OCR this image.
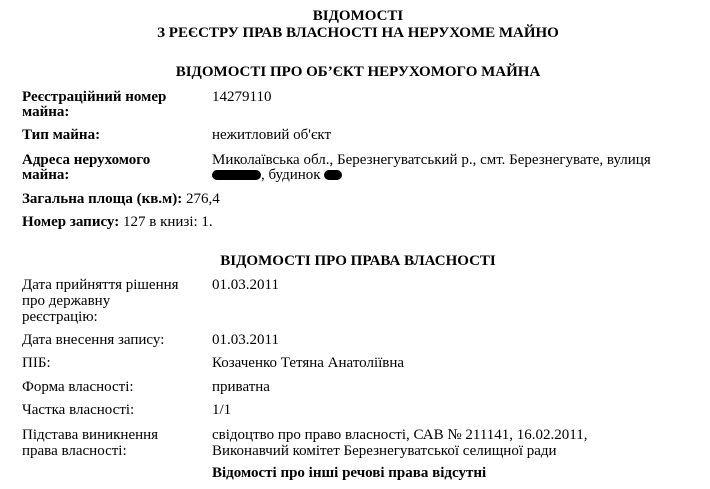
ВІДОМОСТІ
З РЕЄСТРУ ПРАВ ВЛАСНОСТІ НА НЕРУХОМЕ МАЙНО
ВІДОМОСТІ ПРО ОБ’ЄКТ НЕРУХОМОГО МАЙНА
Реєстраційний номер
майна:
14279110
Тип майна:	нежитловий об'єкт
Адреса нерухомого
майна:
Миколаївська обл., Березнегуватський р., смт. Березнегувате, вулиця
, будинок
Загальна площа (кв.м): 276,4
Номер запису: 127 в книзі: 1.
ВІДОМОСТІ ПРО ПРАВА ВЛАСНОСТІ
Дата прийняття рішення
про державну
реєстрацію:
01.03.2011
Дата внесення запису:	01.03.2011
ПІБ:	Козаченко Тетяна Анатоліївна
Форма власності:	приватна
Частка власності:	1/1
Підстава виникнення
права власності:
свідоцтво про право власності, САВ № 211141, 16.02.2011,
Виконавчий комітет Березнегуватської селищної ради
Відомості про інші речові права відсутні
